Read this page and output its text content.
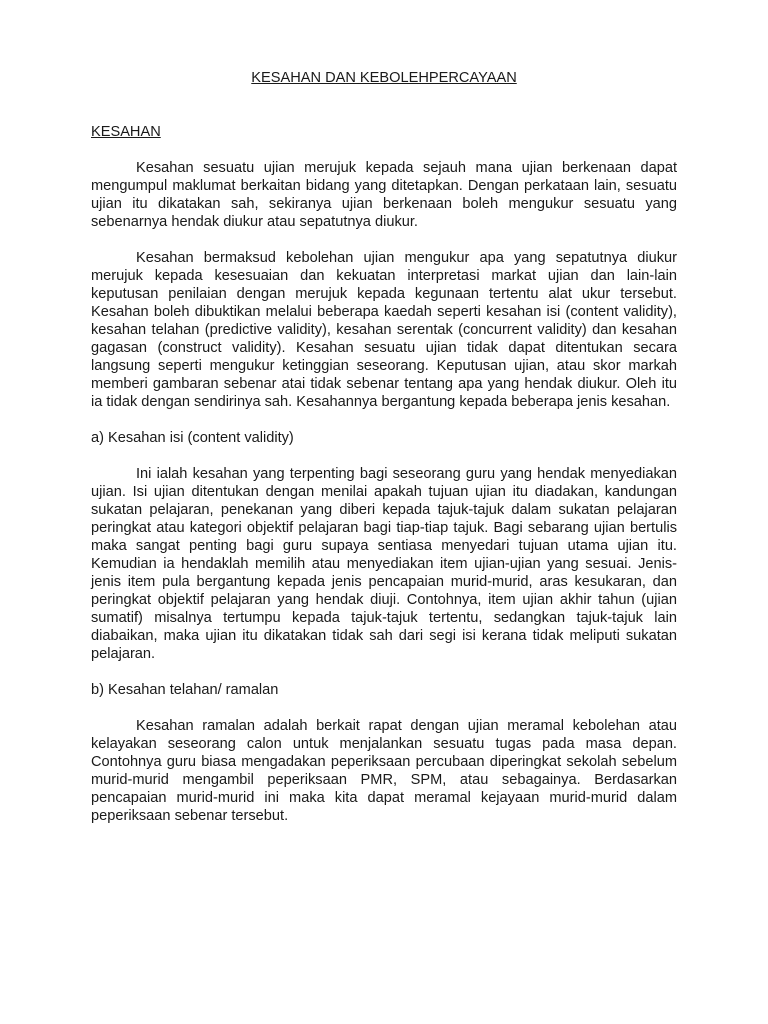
KESAHAN DAN KEBOLEHPERCAYAAN
KESAHAN

Kesahan sesuatu ujian merujuk kepada sejauh mana ujian berkenaan dapat mengumpul maklumat berkaitan bidang yang ditetapkan. Dengan perkataan lain, sesuatu ujian itu dikatakan sah, sekiranya ujian berkenaan boleh mengukur sesuatu yang sebenarnya hendak diukur atau sepatutnya diukur.

Kesahan bermaksud kebolehan ujian mengukur apa yang sepatutnya diukur merujuk kepada kesesuaian dan kekuatan interpretasi markat ujian dan lain-lain keputusan penilaian dengan merujuk kepada kegunaan tertentu alat ukur tersebut. Kesahan boleh dibuktikan melalui beberapa kaedah seperti kesahan isi (content validity), kesahan telahan (predictive validity), kesahan serentak (concurrent validity) dan kesahan gagasan (construct validity). Kesahan sesuatu ujian tidak dapat ditentukan secara langsung seperti mengukur ketinggian seseorang. Keputusan ujian, atau skor markah memberi gambaran sebenar atai tidak sebenar tentang apa yang hendak diukur. Oleh itu ia tidak dengan sendirinya sah. Kesahannya bergantung kepada beberapa jenis kesahan.

a) Kesahan isi (content validity)

Ini ialah kesahan yang terpenting bagi seseorang guru yang hendak menyediakan ujian. Isi ujian ditentukan dengan menilai apakah tujuan ujian itu diadakan, kandungan sukatan pelajaran, penekanan yang diberi kepada tajuk-tajuk dalam sukatan pelajaran peringkat atau kategori objektif pelajaran bagi tiap-tiap tajuk. Bagi sebarang ujian bertulis maka sangat penting bagi guru supaya sentiasa menyedari tujuan utama ujian itu. Kemudian ia hendaklah memilih atau menyediakan item ujian-ujian yang sesuai. Jenis-jenis item pula bergantung kepada jenis pencapaian murid-murid, aras kesukaran, dan peringkat objektif pelajaran yang hendak diuji. Contohnya, item ujian akhir tahun (ujian sumatif) misalnya tertumpu kepada tajuk-tajuk tertentu, sedangkan tajuk-tajuk lain diabaikan, maka ujian itu dikatakan tidak sah dari segi isi kerana tidak meliputi sukatan pelajaran.

b) Kesahan telahan/ ramalan

Kesahan ramalan adalah berkait rapat dengan ujian meramal kebolehan atau kelayakan seseorang calon untuk menjalankan sesuatu tugas pada masa depan. Contohnya guru biasa mengadakan peperiksaan percubaan diperingkat sekolah sebelum murid-murid mengambil peperiksaan PMR, SPM, atau sebagainya. Berdasarkan pencapaian murid-murid ini maka kita dapat meramal kejayaan murid-murid dalam peperiksaan sebenar tersebut.
